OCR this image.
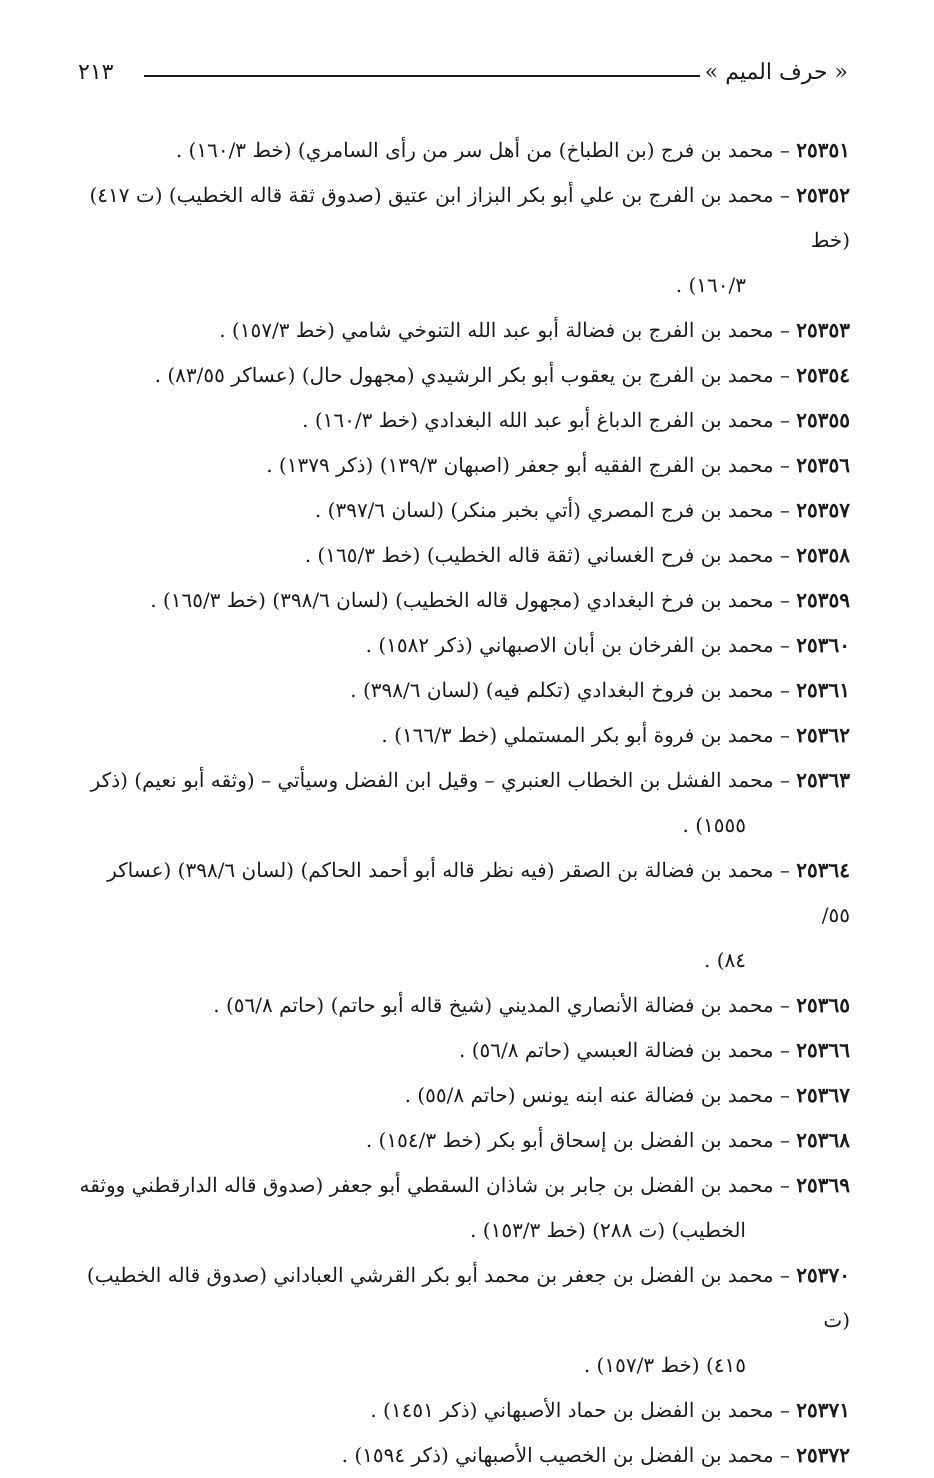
« حرف الميم »
٢١٣

٢٥٣٥١ – محمد بن فرج (بن الطباخ) من أهل سر من رأى السامري) (خط ١٦٠/٣) .

٢٥٣٥٢ – محمد بن الفرج بن علي أبو بكر البزاز ابن عتيق (صدوق ثقة قاله الخطيب) (ت ٤١٧) (خط
١٦٠/٣) .

٢٥٣٥٣ – محمد بن الفرج بن فضالة أبو عبد الله التنوخي شامي (خط ١٥٧/٣) .

٢٥٣٥٤ – محمد بن الفرج بن يعقوب أبو بكر الرشيدي (مجهول حال) (عساكر ٨٣/٥٥) .

٢٥٣٥٥ – محمد بن الفرج الدباغ أبو عبد الله البغدادي (خط ١٦٠/٣) .

٢٥٣٥٦ – محمد بن الفرج الفقيه أبو جعفر (اصبهان ١٣٩/٣) (ذكر ١٣٧٩) .

٢٥٣٥٧ – محمد بن فرج المصري (أتي بخبر منكر) (لسان ٣٩٧/٦) .

٢٥٣٥٨ – محمد بن فرح الغساني (ثقة قاله الخطيب) (خط ١٦٥/٣) .

٢٥٣٥٩ – محمد بن فرخ البغدادي (مجهول قاله الخطيب) (لسان ٣٩٨/٦) (خط ١٦٥/٣) .

٢٥٣٦٠ – محمد بن الفرخان بن أبان الاصبهاني (ذكر ١٥٨٢) .

٢٥٣٦١ – محمد بن فروخ البغدادي (تكلم فيه) (لسان ٣٩٨/٦) .

٢٥٣٦٢ – محمد بن فروة أبو بكر المستملي (خط ١٦٦/٣) .

٢٥٣٦٣ – محمد الفشل بن الخطاب العنبري – وقيل ابن الفضل وسيأتي – (وثقه أبو نعيم) (ذكر
١٥٥٥) .

٢٥٣٦٤ – محمد بن فضالة بن الصقر (فيه نظر قاله أبو أحمد الحاكم) (لسان ٣٩٨/٦) (عساكر ٥٥/
٨٤) .

٢٥٣٦٥ – محمد بن فضالة الأنصاري المديني (شيخ قاله أبو حاتم) (حاتم ٥٦/٨) .

٢٥٣٦٦ – محمد بن فضالة العبسي (حاتم ٥٦/٨) .

٢٥٣٦٧ – محمد بن فضالة عنه ابنه يونس (حاتم ٥٥/٨) .

٢٥٣٦٨ – محمد بن الفضل بن إسحاق أبو بكر (خط ١٥٤/٣) .

٢٥٣٦٩ – محمد بن الفضل بن جابر بن شاذان السقطي أبو جعفر (صدوق قاله الدارقطني ووثقه
الخطيب) (ت ٢٨٨) (خط ١٥٣/٣) .

٢٥٣٧٠ – محمد بن الفضل بن جعفر بن محمد أبو بكر القرشي العباداني (صدوق قاله الخطيب) (ت
٤١٥) (خط ١٥٧/٣) .

٢٥٣٧١ – محمد بن الفضل بن حماد الأصبهاني (ذكر ١٤٥١) .

٢٥٣٧٢ – محمد بن الفضل بن الخصيب الأصبهاني (ذكر ١٥٩٤) .
